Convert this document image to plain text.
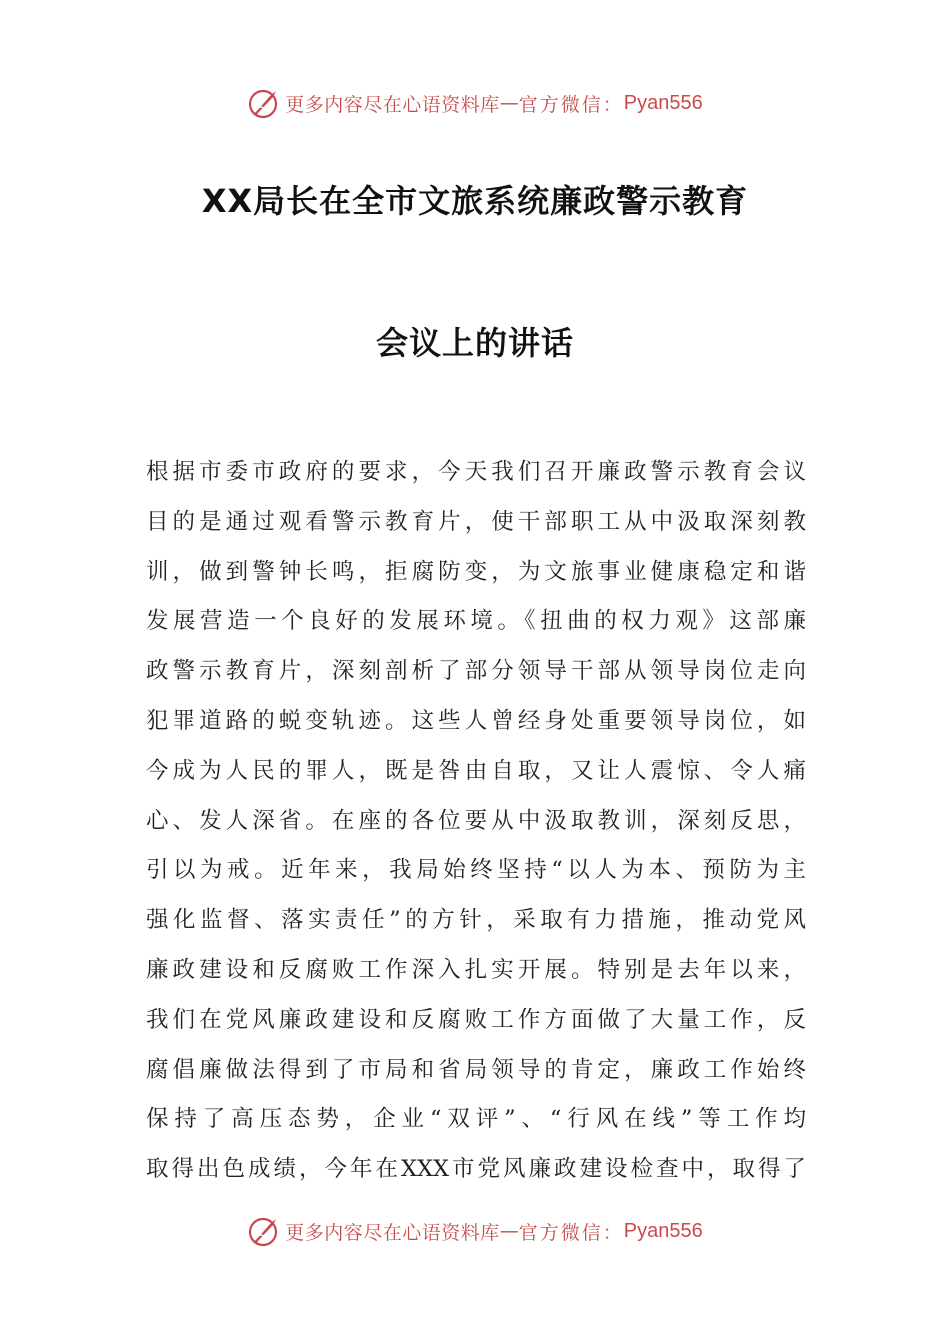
更多内容尽在心语资料库 — 官方微信： Pyan556
XX局长在全市文旅系统廉政警示教育
会议上的讲话
根据市委市政府的要求，今天我们召开廉政警示教育会议
目的是通过观看警示教育片，使干部职工从中汲取深刻教
训，做到警钟长鸣，拒腐防变，为文旅事业健康稳定和谐
发展营造一个良好的发展环境。《扭曲的权力观》这部廉
政警示教育片，深刻剖析了部分领导干部从领导岗位走向
犯罪道路的蜕变轨迹。这些人曾经身处重要领导岗位，如
今成为人民的罪人，既是咎由自取，又让人震惊、令人痛
心、发人深省。在座的各位要从中汲取教训，深刻反思，
引以为戒。近年来，我局始终坚持“以人为本、预防为主
强化监督、落实责任”的方针，采取有力措施，推动党风
廉政建设和反腐败工作深入扎实开展。特别是去年以来，
我们在党风廉政建设和反腐败工作方面做了大量工作，反
腐倡廉做法得到了市局和省局领导的肯定，廉政工作始终
保持了高压态势，企业“双评”、“行风在线”等工作均
取得出色成绩，今年在XXX市党风廉政建设检查中，取得了
更多内容尽在心语资料库 — 官方微信： Pyan556
